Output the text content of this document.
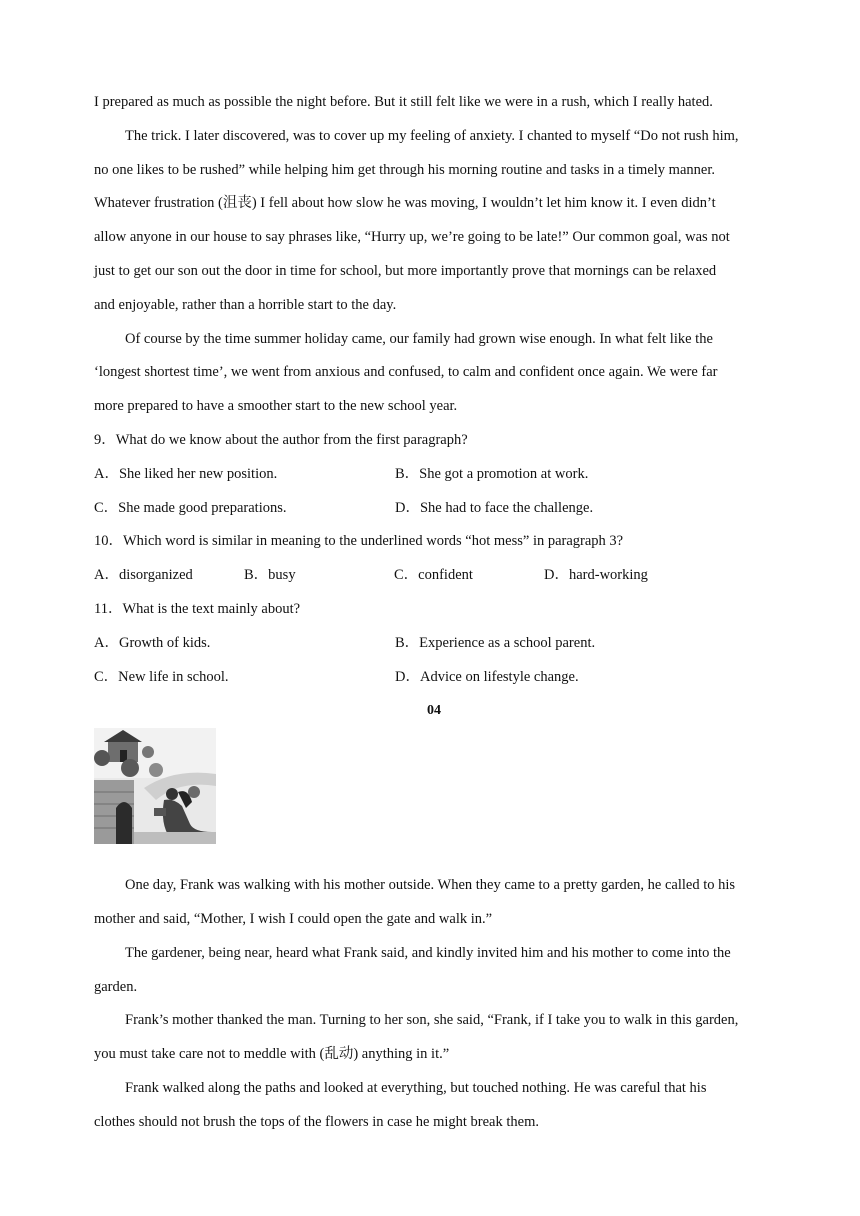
I prepared as much as possible the night before. But it still felt like we were in a rush, which I really hated.

The trick. I later discovered, was to cover up my feeling of anxiety. I chanted to myself “Do not rush him,

no one likes to be rushed” while helping him get through his morning routine and tasks in a timely manner.

Whatever frustration (沮丧) I fell about how slow he was moving, I wouldn’t let him know it. I even didn’t

allow anyone in our house to say phrases like, “Hurry up, we’re going to be late!” Our common goal, was not

just to get our son out the door in time for school, but more importantly prove that mornings can be relaxed

and enjoyable, rather than a horrible start to the day.

Of course by the time summer holiday came, our family had grown wise enough. In what felt like the

‘longest shortest time’, we went from anxious and confused, to calm and confident once again. We were far

more prepared to have a smoother start to the new school year.

9．What do we know about the author from the first paragraph?
A．She liked her new position.	B．She got a promotion at work.
C．She made good preparations.	D．She had to face the challenge.
10．Which word is similar in meaning to the underlined words “hot mess” in paragraph 3?
A．disorganized	B．busy	C．confident	D．hard-working
11．What is the text mainly about?
A．Growth of kids.	B．Experience as a school parent.
C．New life in school.	D．Advice on lifestyle change.
04

One day, Frank was walking with his mother outside. When they came to a pretty garden, he called to his

mother and said, “Mother, I wish I could open the gate and walk in.”

The gardener, being near, heard what Frank said, and kindly invited him and his mother to come into the

garden.

Frank’s mother thanked the man. Turning to her son, she said, “Frank, if I take you to walk in this garden,

you must take care not to meddle with (乱动) anything in it.”

Frank walked along the paths and looked at everything, but touched nothing. He was careful that his

clothes should not brush the tops of the flowers in case he might break them.
